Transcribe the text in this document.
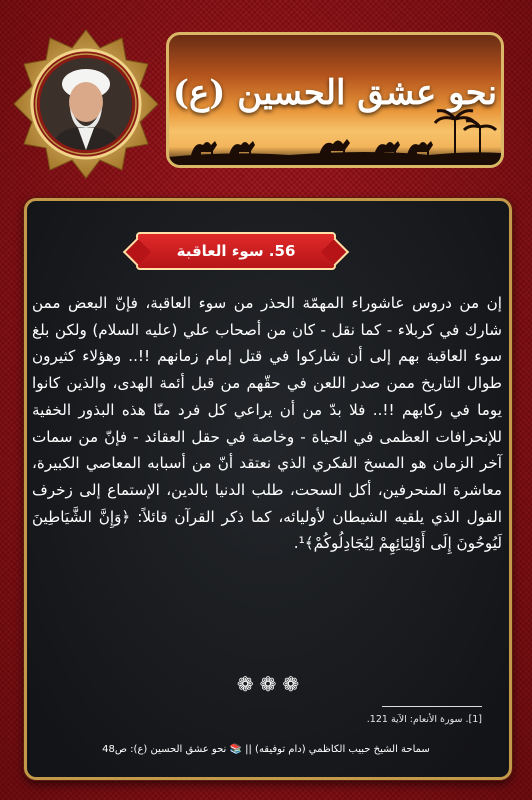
نحو عشق الحسين (ع)
56. سوء العاقبة
إن من دروس عاشوراء المهمّة الحذر من سوء العاقبة، فإنّ البعض ممن شارك في كربلاء - كما نقل - كان من أصحاب علي (عليه السلام) ولكن بلغ سوء العاقبة بهم إلى أن شاركوا في قتل إمام زمانهم !!.. وهؤلاء كثيرون طوال التاريخ ممن صدر اللعن في حقّهم من قبل أئمة الهدى، والذين كانوا يوما في ركابهم !!.. فلا بدّ من أن يراعي كل فرد منّا هذه البذور الخفية للإنحرافات العظمى في الحياة - وخاصة في حقل العقائد - فإنّ من سمات آخر الزمان هو المسخ الفكري الذي نعتقد أنّ من أسبابه المعاصي الكبيرة، معاشرة المنحرفين، أكل السحت، طلب الدنيا بالدين، الإستماع إلى زخرف القول الذي يلقيه الشيطان لأوليائه، كما ذكر القرآن قائلاً: ﴿وَإِنَّ الشَّيَاطِينَ لَيُوحُونَ إِلَى أَوْلِيَائِهِمْ لِيُجَادِلُوكُمْ﴾¹.
❁ ❁ ❁
[1]. سورة الأنعام: الآية 121.
سماحة الشيخ حبيب الكاظمي (دام توفيقه) || 📚 نحو عشق الحسين (ع): ص48
